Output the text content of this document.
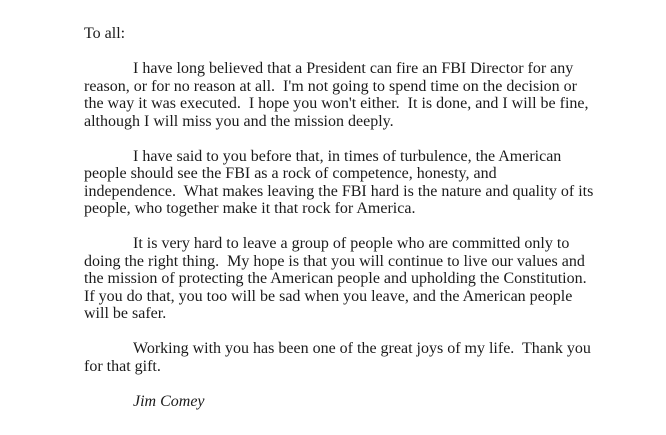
To all:
I have long believed that a President can fire an FBI Director for any
reason, or for no reason at all.  I'm not going to spend time on the decision or
the way it was executed.  I hope you won't either.  It is done, and I will be fine,
although I will miss you and the mission deeply.
I have said to you before that, in times of turbulence, the American
people should see the FBI as a rock of competence, honesty, and
independence.  What makes leaving the FBI hard is the nature and quality of its
people, who together make it that rock for America.
It is very hard to leave a group of people who are committed only to
doing the right thing.  My hope is that you will continue to live our values and
the mission of protecting the American people and upholding the Constitution.
If you do that, you too will be sad when you leave, and the American people
will be safer.
Working with you has been one of the great joys of my life.  Thank you
for that gift.
Jim Comey
